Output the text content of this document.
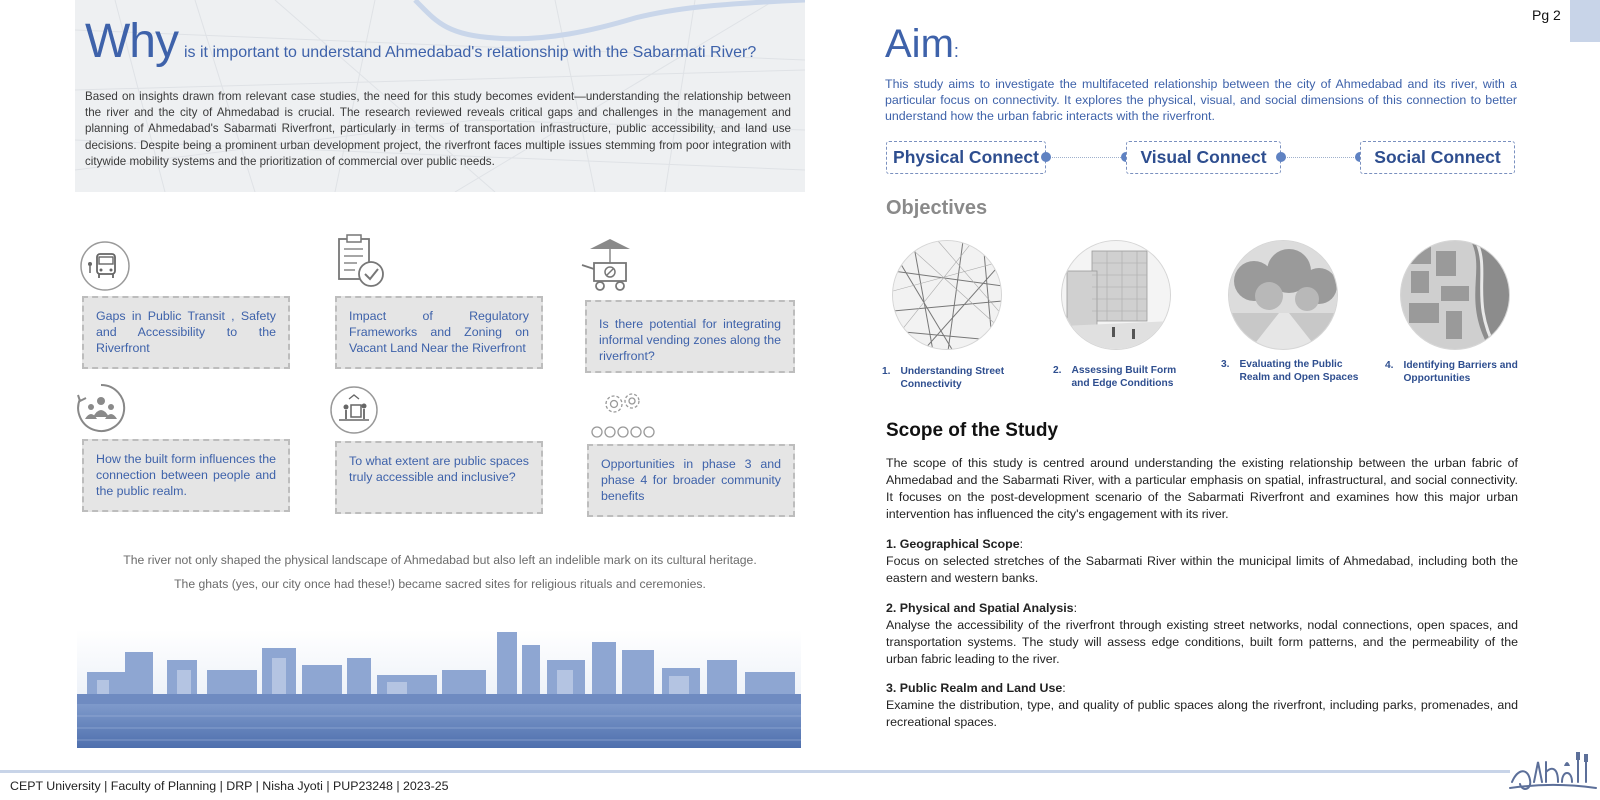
Why is it important to understand Ahmedabad's relationship with the Sabarmati River?

Based on insights drawn from relevant case studies, the need for this study becomes evident—understanding the relationship between the river and the city of Ahmedabad is crucial. The research reviewed reveals critical gaps and challenges in the management and planning of Ahmedabad's Sabarmati Riverfront, particularly in terms of transportation infrastructure, public accessibility, and land use decisions. Despite being a prominent urban development project, the riverfront faces multiple issues stemming from poor integration with citywide mobility systems and the prioritization of commercial over public needs.

Gaps in Public Transit , Safety and Accessibility to the Riverfront
Impact of Regulatory Frameworks and Zoning on Vacant Land Near the Riverfront
Is there potential for integrating informal vending zones along the riverfront?
How the built form influences the connection between people and the public realm.
To what extent are public spaces truly accessible and inclusive?
Opportunities in phase 3 and phase 4 for broader community benefits

The river not only shaped the physical landscape of Ahmedabad but also left an indelible mark on its cultural heritage.

The ghats (yes, our city once had these!) became sacred sites for religious rituals and ceremonies.

Aim:

This study aims to investigate the multifaceted relationship between the city of Ahmedabad and its river, with a particular focus on connectivity. It explores the physical, visual, and social dimensions of this connection to better understand how the urban fabric interacts with the riverfront.

Physical Connect	Visual Connect	Social Connect
Objectives
1. Understanding Street Connectivity
2. Assessing Built Form and Edge Conditions
3. Evaluating the Public Realm and Open Spaces
4. Identifying Barriers and Opportunities
Scope of the Study

The scope of this study is centred around understanding the existing relationship between the urban fabric of Ahmedabad and the Sabarmati River, with a particular emphasis on spatial, infrastructural, and social connectivity. It focuses on the post-development scenario of the Sabarmati Riverfront and examines how this major urban intervention has influenced the city's engagement with its river.

1. Geographical Scope:
Focus on selected stretches of the Sabarmati River within the municipal limits of Ahmedabad, including both the eastern and western banks.
2. Physical and Spatial Analysis:
Analyse the accessibility of the riverfront through existing street networks, nodal connections, open spaces, and transportation systems. The study will assess edge conditions, built form patterns, and the permeability of the urban fabric leading to the river.
3. Public Realm and Land Use:
Examine the distribution, type, and quality of public spaces along the riverfront, including parks, promenades, and recreational spaces.
Pg 2
CEPT University | Faculty of Planning | DRP | Nisha Jyoti | PUP23248 | 2023-25
